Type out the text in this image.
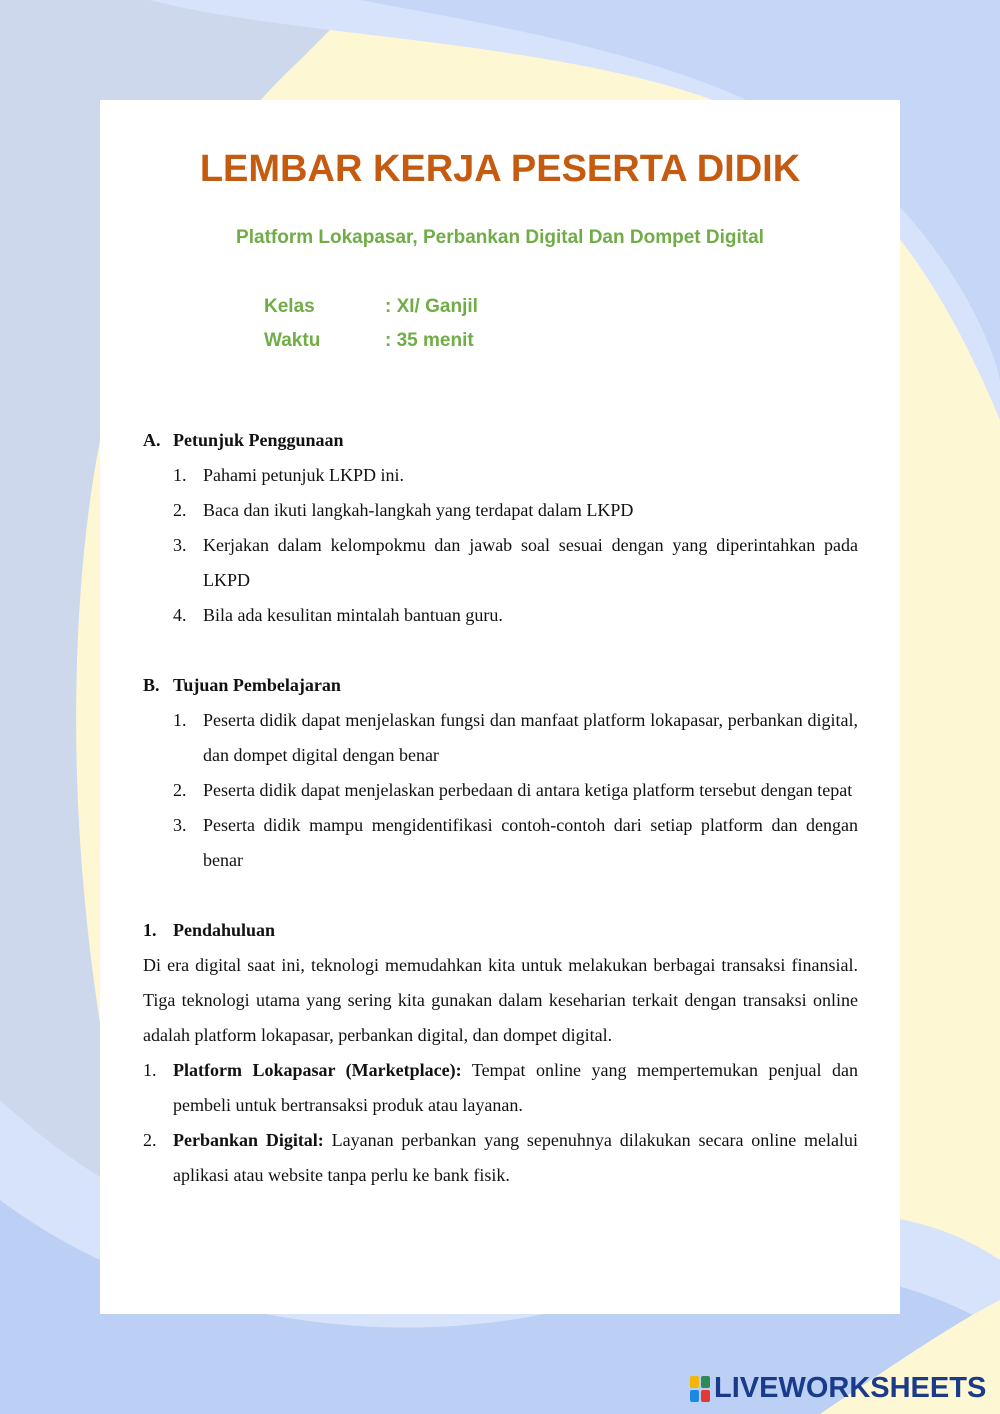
LEMBAR KERJA PESERTA DIDIK
Platform Lokapasar, Perbankan Digital Dan Dompet Digital
Kelas	: XI/ Ganjil
Waktu	: 35 menit
A. Petunjuk Penggunaan
1. Pahami petunjuk LKPD ini.
2. Baca dan ikuti langkah-langkah yang terdapat dalam LKPD
3. Kerjakan dalam kelompokmu dan jawab soal sesuai dengan yang diperintahkan pada LKPD
4. Bila ada kesulitan mintalah bantuan guru.
B. Tujuan Pembelajaran
1. Peserta didik dapat menjelaskan fungsi dan manfaat platform lokapasar, perbankan digital, dan dompet digital dengan benar
2. Peserta didik dapat menjelaskan perbedaan di antara ketiga platform tersebut dengan tepat
3. Peserta didik mampu mengidentifikasi contoh-contoh dari setiap platform dan dengan benar
1. Pendahuluan

Di era digital saat ini, teknologi memudahkan kita untuk melakukan berbagai transaksi finansial. Tiga teknologi utama yang sering kita gunakan dalam keseharian terkait dengan transaksi online adalah platform lokapasar, perbankan digital, dan dompet digital.

1. Platform Lokapasar (Marketplace): Tempat online yang mempertemukan penjual dan pembeli untuk bertransaksi produk atau layanan.
2. Perbankan Digital: Layanan perbankan yang sepenuhnya dilakukan secara online melalui aplikasi atau website tanpa perlu ke bank fisik.
LIVEWORKSHEETS
